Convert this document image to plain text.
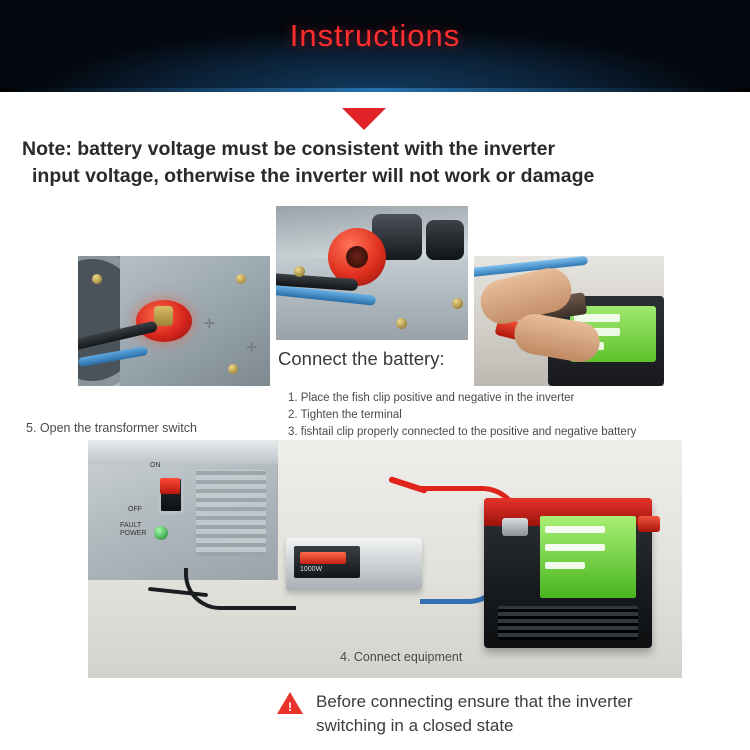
Instructions
Note: battery voltage must be consistent with the inverter
input voltage, otherwise the inverter will not work or damage
✛
✛
Connect the battery:
1. Place the fish clip positive and negative in the inverter
2. Tighten the terminal
3. fishtail clip properly connected to the positive and negative battery
5. Open the transformer switch
ON
OFF
FAULT
POWER
1000W
4. Connect equipment
! Before connecting ensure that the inverter
switching in a closed state
